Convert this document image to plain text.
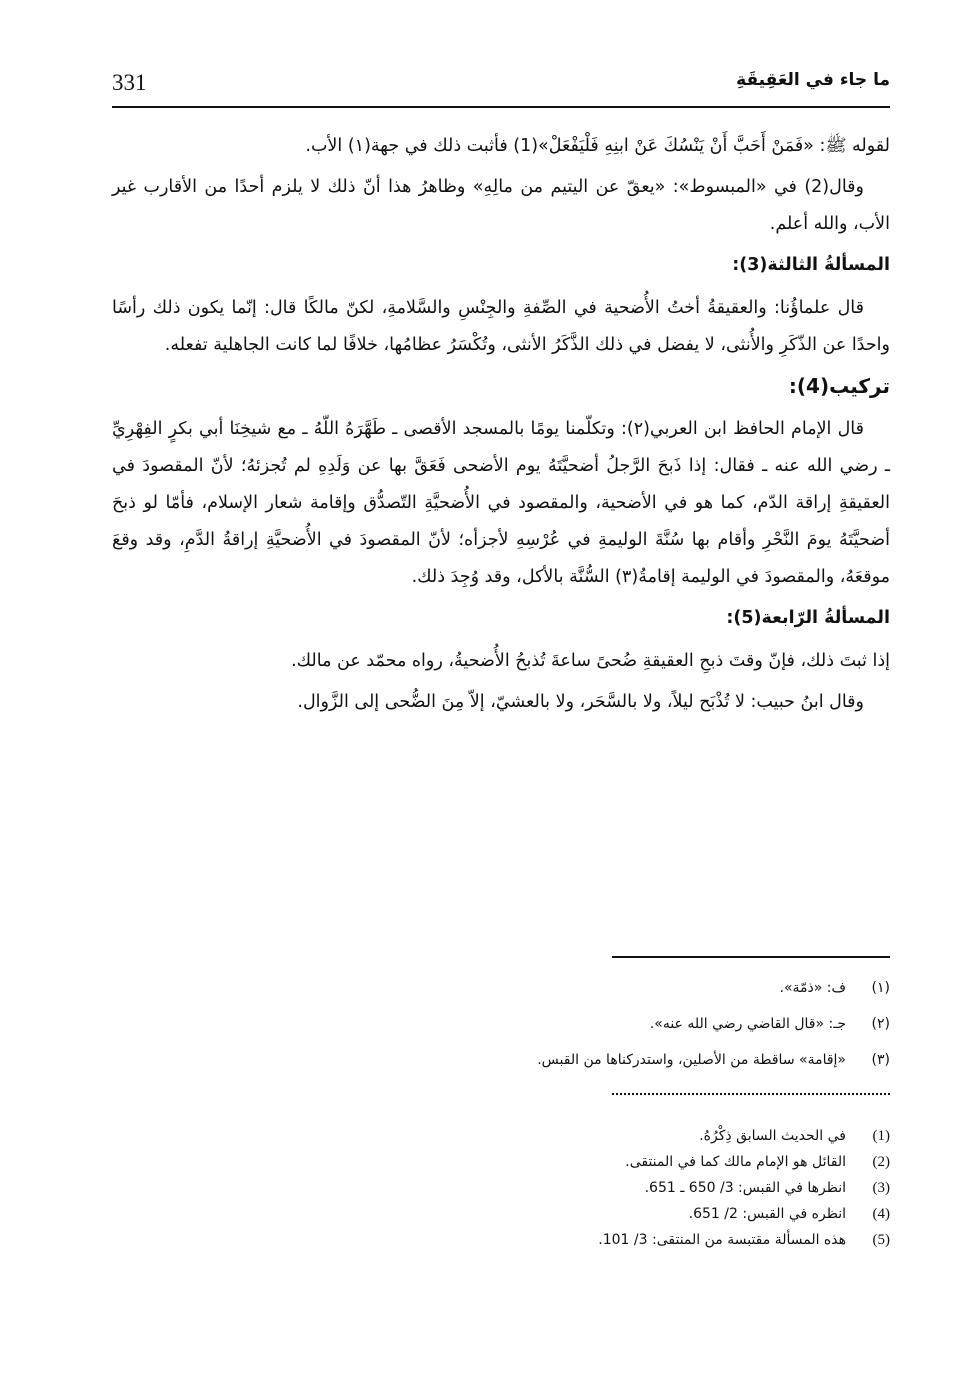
331	ما جاء في العَقِيقَةِ

لقوله ﷺ: «فَمَنْ أَحَبَّ أَنْ يَنْسُكَ عَنْ ابنِهِ فَلْيَفْعَلْ»(1) فأثبت ذلك في جهة(١) الأب.

وقال(2) في «المبسوط»: «يعقّ عن اليتيم من مالِهِ» وظاهرُ هذا أنّ ذلك لا يلزم أحدًا من الأقارب غير الأب، والله أعلم.

المسألةُ الثالثة(3):

قال علماؤُنا: والعقيقةُ أختُ الأُضحية في الصِّفةِ والجِنْسِ والسَّلامةِ، لكنّ مالكًا قال: إنّما يكون ذلك رأسًا واحدًا عن الذّكَرِ والأُنثى، لا يفضل في ذلك الذَّكَرُ الأنثى، وتُكْسَرُ عظامُها، خلافًا لما كانت الجاهلية تفعله.

تركيب(4):

قال الإمام الحافظ ابن العربي(٢): وتكلّمنا يومًا بالمسجد الأقصى ـ طَهَّرَهُ اللّهُ ـ مع شيخِنَا أبي بكرٍ الفِهْرِيِّ ـ رضي الله عنه ـ فقال: إذا ذَبحَ الرَّجلُ أضحيَّتَهُ يوم الأضحى فَعَقَّ بها عن وَلَدِهِ لم تُجزئهُ؛ لأنّ المقصودَ في العقيقةِ إراقة الدّم، كما هو في الأضحية، والمقصود في الأُضحيَّةِ التّصدُّق وإقامة شعار الإسلام، فأمّا لو ذبحَ أضحيَّتَهُ يومَ النَّحْرِ وأقام بها سُنَّةَ الوليمةِ في عُرْسِهِ لأجزأه؛ لأنّ المقصودَ في الأُضحيَّةِ إراقةُ الدَّمِ، وقد وقعَ موقعَهُ، والمقصودَ في الوليمة إقامةُ(٣) السُّنَّة بالأكل، وقد وُجِدَ ذلك.

المسألةُ الرّابعة(5):

إذا ثبتَ ذلك، فإنّ وقتَ ذبحِ العقيقةِ ضُحىً ساعةَ تُذبحُ الأُضحيةُ، رواه محمّد عن مالك.

وقال ابنُ حبيب: لا تُذْبَح ليلاً، ولا بالسَّحَر، ولا بالعشيّ، إلاّ مِنَ الضُّحى إلى الزَّوال.

(١)
ف: «ذمّة».
(٢)
جـ: «قال القاضي رضي الله عنه».
(٣)
«إقامة» ساقطة من الأصلين، واستدركناها من القبس.
(1)
في الحديث السابق ذِكْرُهُ.
(2)
القائل هو الإمام مالك كما في المنتقى.
(3)
انظرها في القبس: 3/ 650 ـ 651.
(4)
انظره في القبس: 2/ 651.
(5)
هذه المسألة مقتبسة من المنتقى: 3/ 101.
